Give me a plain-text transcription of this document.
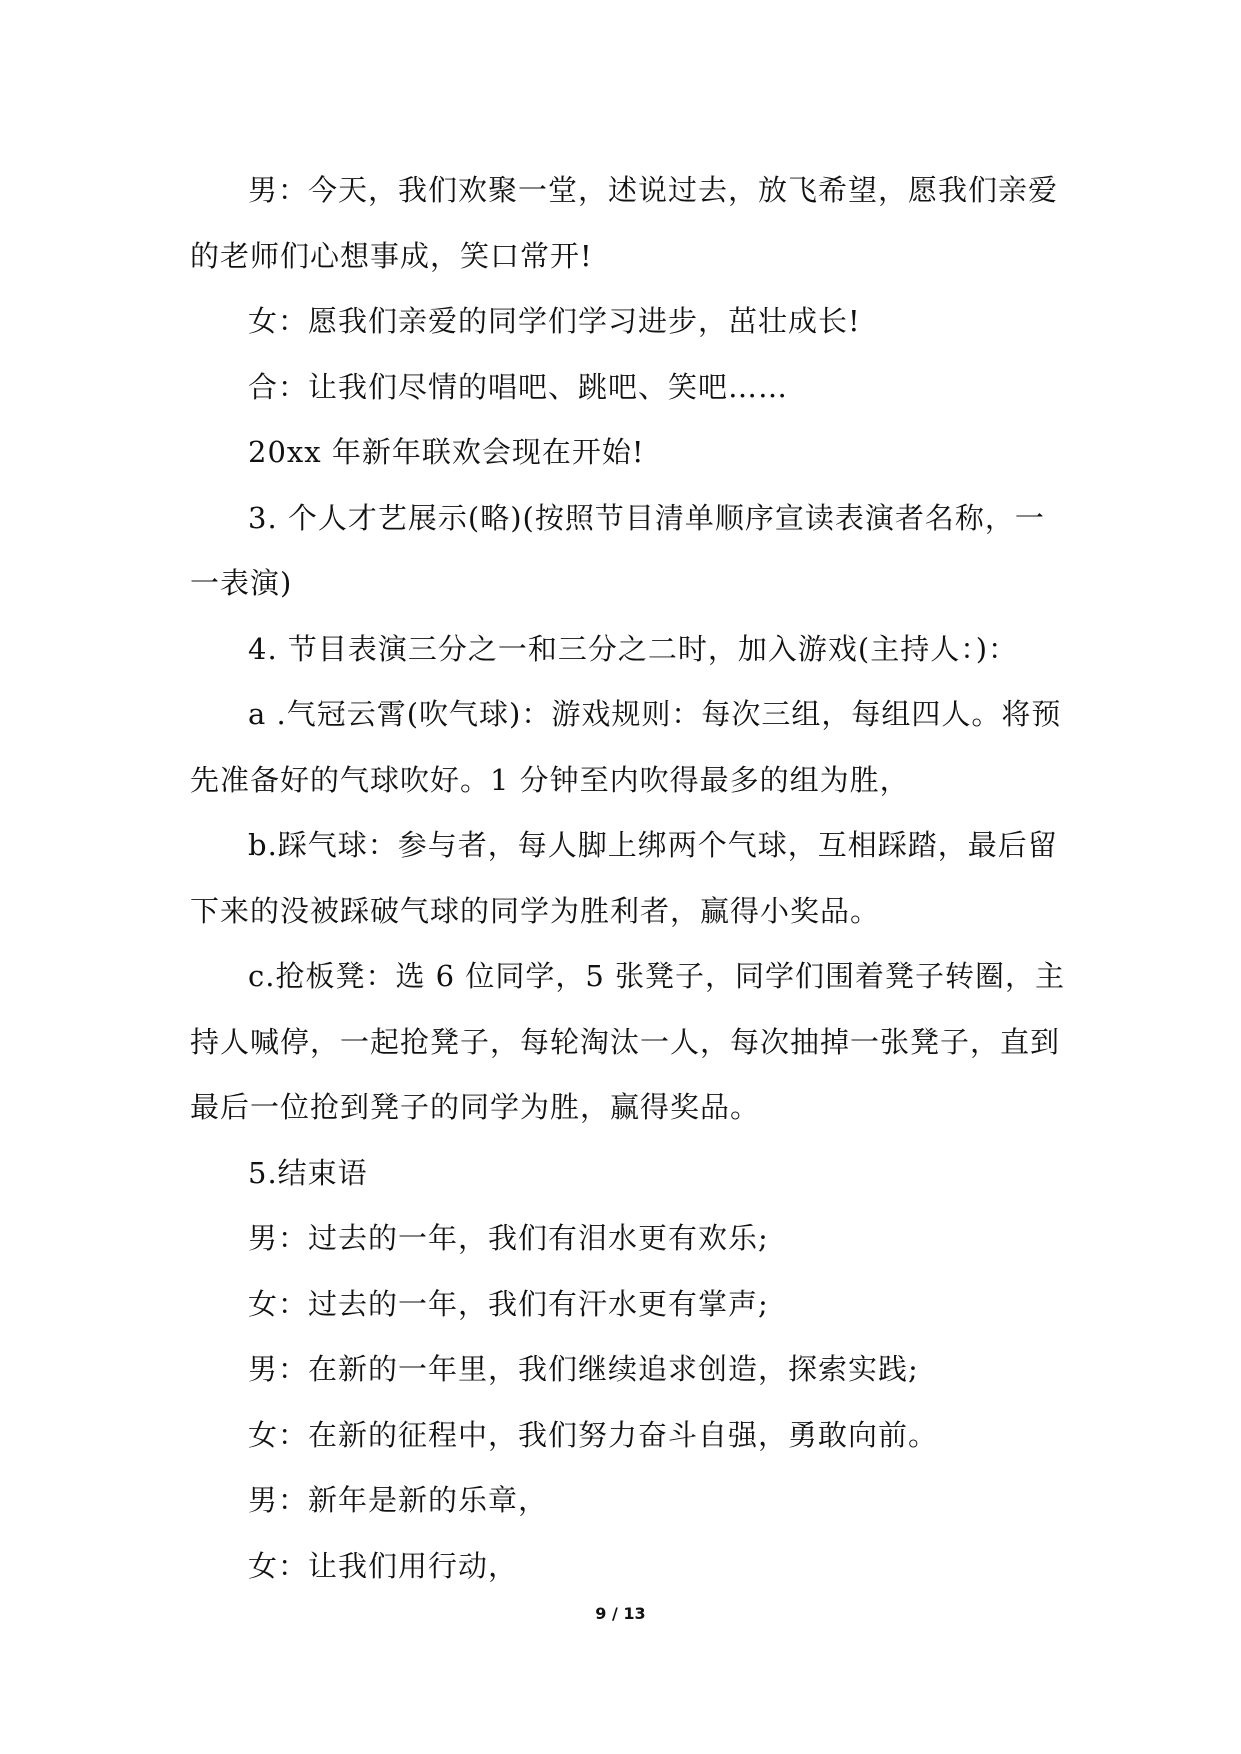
男：今天，我们欢聚一堂，述说过去，放飞希望，愿我们亲爱的老师们心想事成，笑口常开!

女：愿我们亲爱的同学们学习进步，茁壮成长!

合：让我们尽情的唱吧、跳吧、笑吧……

20xx 年新年联欢会现在开始!

3. 个人才艺展示(略)(按照节目清单顺序宣读表演者名称，一一表演)

4. 节目表演三分之一和三分之二时，加入游戏(主持人：)：

a .气冠云霄(吹气球)：游戏规则：每次三组，每组四人。将预先准备好的气球吹好。1 分钟至内吹得最多的组为胜，

b.踩气球：参与者，每人脚上绑两个气球，互相踩踏，最后留下来的没被踩破气球的同学为胜利者，赢得小奖品。

c.抢板凳：选 6 位同学，5 张凳子，同学们围着凳子转圈，主持人喊停，一起抢凳子，每轮淘汰一人，每次抽掉一张凳子，直到最后一位抢到凳子的同学为胜，赢得奖品。

5.结束语

男：过去的一年，我们有泪水更有欢乐;

女：过去的一年，我们有汗水更有掌声;

男：在新的一年里，我们继续追求创造，探索实践;

女：在新的征程中，我们努力奋斗自强，勇敢向前。

男：新年是新的乐章，

女：让我们用行动，

9 / 13
